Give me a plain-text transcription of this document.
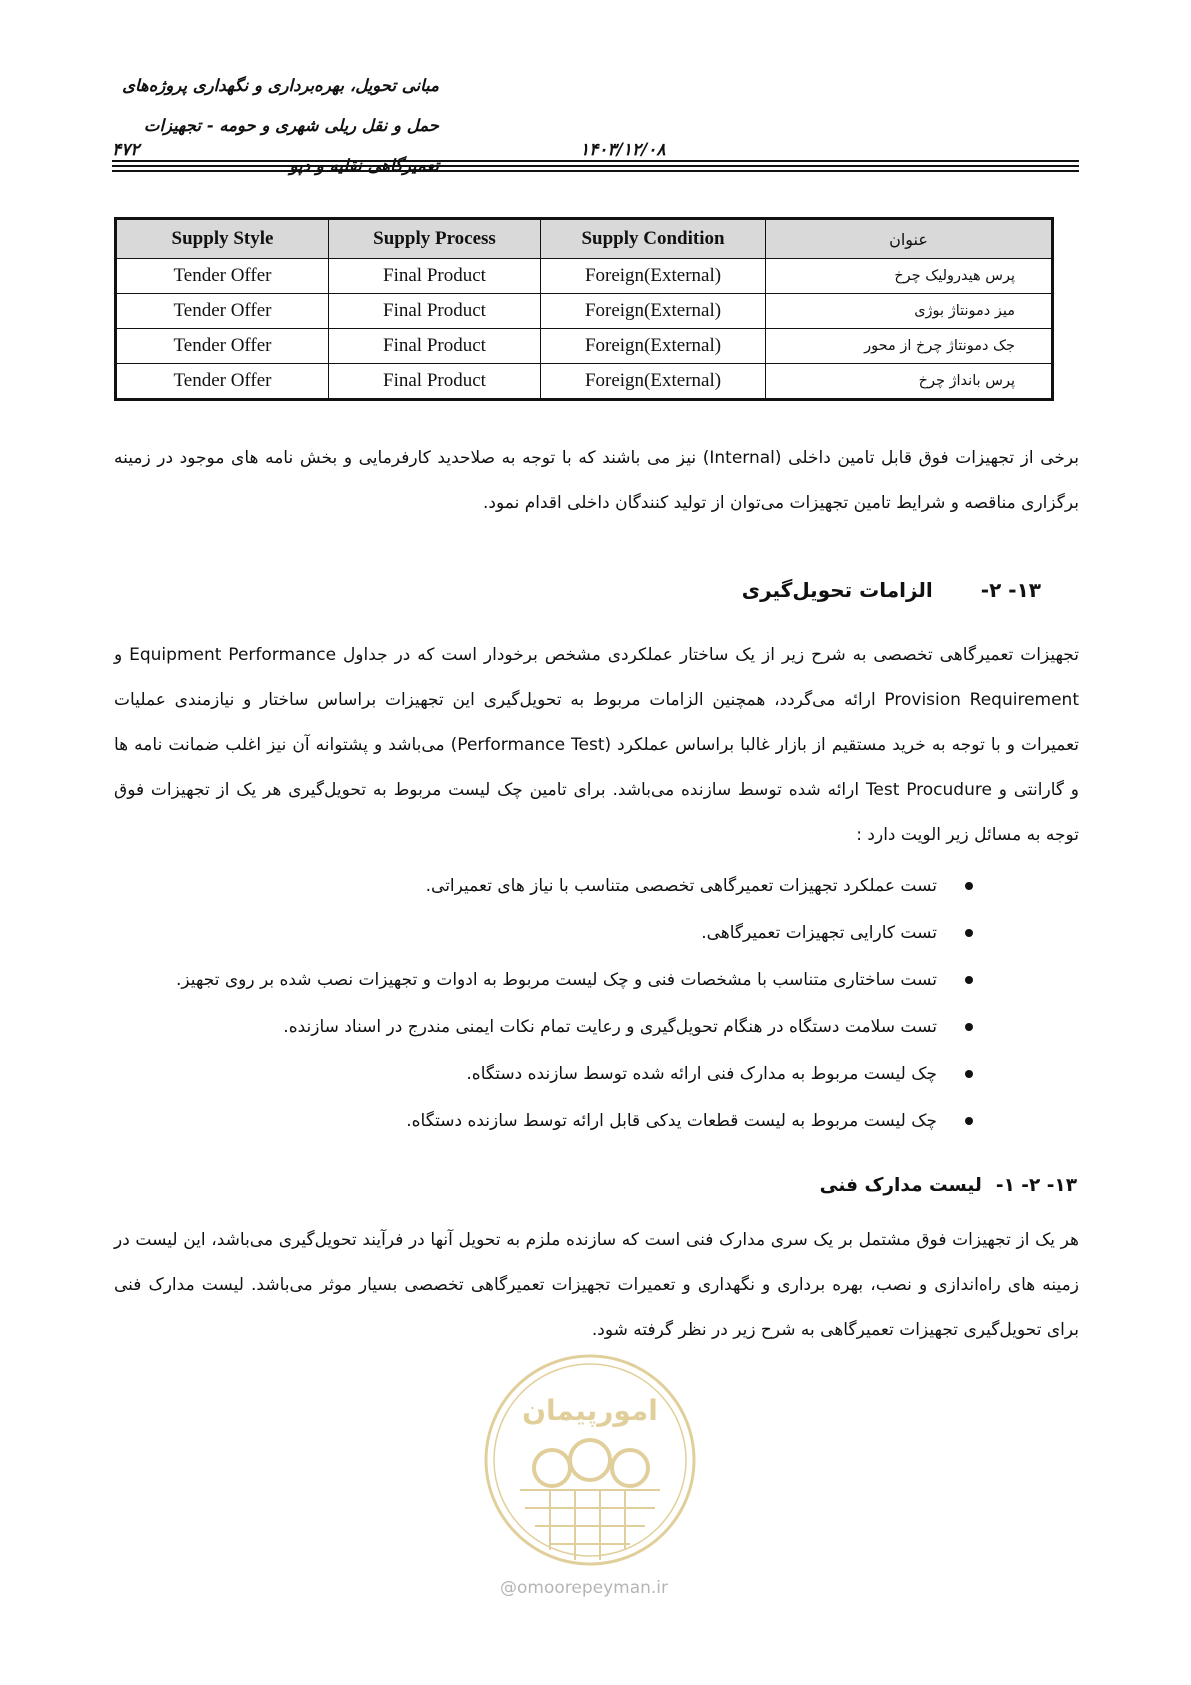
مبانی تحویل، بهره‌برداری و نگهداری پروژه‌های
حمل و نقل ریلی شهری و حومه - تجهیزات
تعمیرگاهی نقلیه و دپو
۱۴۰۳/۱۲/۰۸
۴۷۲
Supply Style	Supply Process	Supply Condition	عنوان
Tender Offer	Final Product	Foreign(External)	پرس هیدرولیک چرخ
Tender Offer	Final Product	Foreign(External)	میز دمونتاژ بوژی
Tender Offer	Final Product	Foreign(External)	جک دمونتاژ چرخ از محور
Tender Offer	Final Product	Foreign(External)	پرس بانداژ چرخ

برخی از تجهیزات فوق قابل تامین داخلی (Internal) نیز می باشند که با توجه به صلاحدید کارفرمایی و بخش نامه های موجود در زمینه برگزاری مناقصه و شرایط تامین تجهیزات می‌توان از تولید کنندگان داخلی اقدام نمود.

۱۳- ۲-الزامات تحویل‌گیری

تجهیزات تعمیرگاهی تخصصی به شرح زیر از یک ساختار عملکردی مشخص برخودار است که در جداول Equipment Performance و Provision Requirement ارائه می‌گردد، همچنین الزامات مربوط به تحویل‌گیری این تجهیزات براساس ساختار و نیازمندی عملیات تعمیرات و با توجه به خرید مستقیم از بازار غالبا براساس عملکرد (Performance Test) می‌باشد و پشتوانه آن نیز اغلب ضمانت نامه ها و گارانتی و Test Procudure ارائه شده توسط سازنده می‌باشد. برای تامین چک لیست مربوط به تحویل‌گیری هر یک از تجهیزات فوق توجه به مسائل زیر الویت دارد :

تست عملکرد تجهیزات تعمیرگاهی تخصصی متناسب با نیاز های تعمیراتی.
تست کارایی تجهیزات تعمیرگاهی.
تست ساختاری متناسب با مشخصات فنی و چک لیست مربوط به ادوات و تجهیزات نصب شده بر روی تجهیز.
تست سلامت دستگاه در هنگام تحویل‌گیری و رعایت تمام نکات ایمنی مندرج در اسناد سازنده.
چک لیست مربوط به مدارک فنی ارائه شده توسط سازنده دستگاه.
چک لیست مربوط به لیست قطعات یدکی قابل ارائه توسط سازنده دستگاه.
۱۳- ۲- ۱-لیست مدارک فنی

هر یک از تجهیزات فوق مشتمل بر یک سری مدارک فنی است که سازنده ملزم به تحویل آنها در فرآیند تحویل‌گیری می‌باشد، این لیست در زمینه های راه‌اندازی و نصب، بهره برداری و نگهداری و تعمیرات تجهیزات تعمیرگاهی تخصصی بسیار موثر می‌باشد. لیست مدارک فنی برای تحویل‌گیری تجهیزات تعمیرگاهی به شرح زیر در نظر گرفته شود.

امورپیمان
@omoorepeyman.ir
